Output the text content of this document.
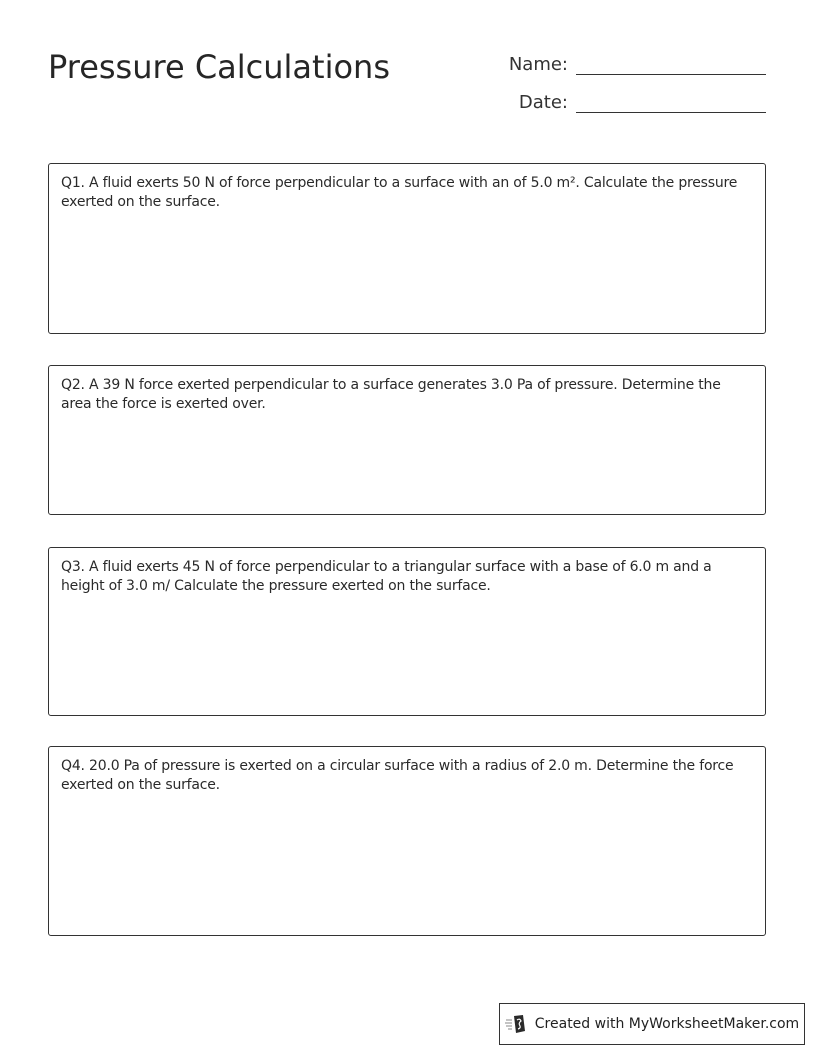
Pressure Calculations	Name:
Date:
Q1. A fluid exerts 50 N of force perpendicular to a surface with an of 5.0 m². Calculate the pressure exerted on the surface.
Q2. A 39 N force exerted perpendicular to a surface generates 3.0 Pa of pressure. Determine the area the force is exerted over.
Q3. A fluid exerts 45 N of force perpendicular to a triangular surface with a base of 6.0 m and a height of 3.0 m/ Calculate the pressure exerted on the surface.
Q4. 20.0 Pa of pressure is exerted on a circular surface with a radius of 2.0 m. Determine the force exerted on the surface.
Created with MyWorksheetMaker.com
